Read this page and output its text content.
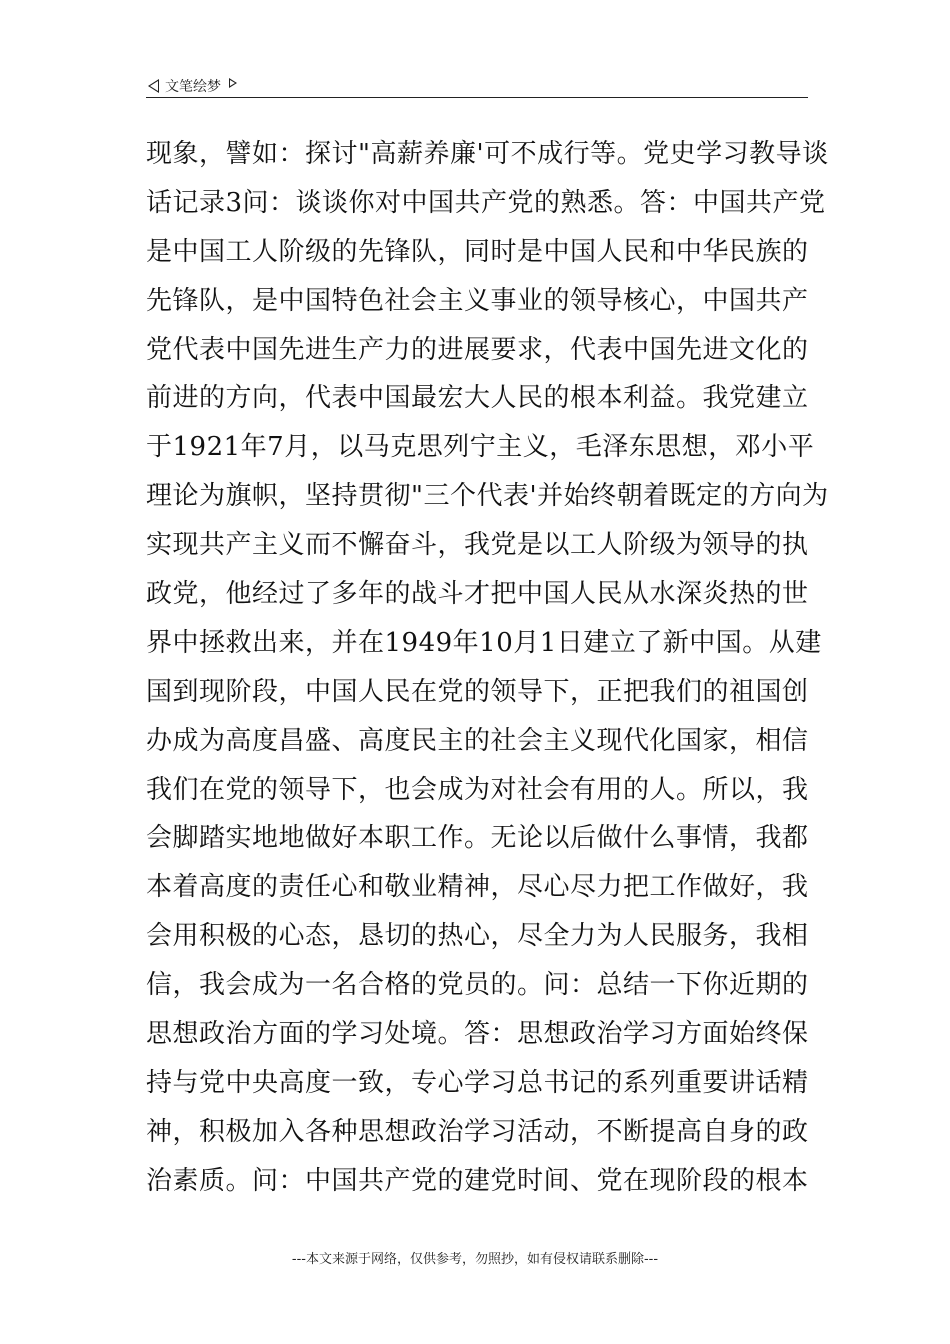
文笔绘梦
现象，譬如：探讨"高薪养廉'可不成行等。党史学习教导谈
话记录3问：谈谈你对中国共产党的熟悉。答：中国共产党
是中国工人阶级的先锋队，同时是中国人民和中华民族的
先锋队，是中国特色社会主义事业的领导核心，中国共产
党代表中国先进生产力的进展要求，代表中国先进文化的
前进的方向，代表中国最宏大人民的根本利益。我党建立
于1921年7月，以马克思列宁主义，毛泽东思想，邓小平
理论为旗帜，坚持贯彻"三个代表'并始终朝着既定的方向为
实现共产主义而不懈奋斗，我党是以工人阶级为领导的执
政党，他经过了多年的战斗才把中国人民从水深炎热的世
界中拯救出来，并在1949年10月1日建立了新中国。从建
国到现阶段，中国人民在党的领导下，正把我们的祖国创
办成为高度昌盛、高度民主的社会主义现代化国家，相信
我们在党的领导下，也会成为对社会有用的人。所以，我
会脚踏实地地做好本职工作。无论以后做什么事情，我都
本着高度的责任心和敬业精神，尽心尽力把工作做好，我
会用积极的心态，恳切的热心，尽全力为人民服务，我相
信，我会成为一名合格的党员的。问：总结一下你近期的
思想政治方面的学习处境。答：思想政治学习方面始终保
持与党中央高度一致，专心学习总书记的系列重要讲话精
神，积极加入各种思想政治学习活动，不断提高自身的政
治素质。问：中国共产党的建党时间、党在现阶段的根本
---本文来源于网络，仅供参考，勿照抄，如有侵权请联系删除---
